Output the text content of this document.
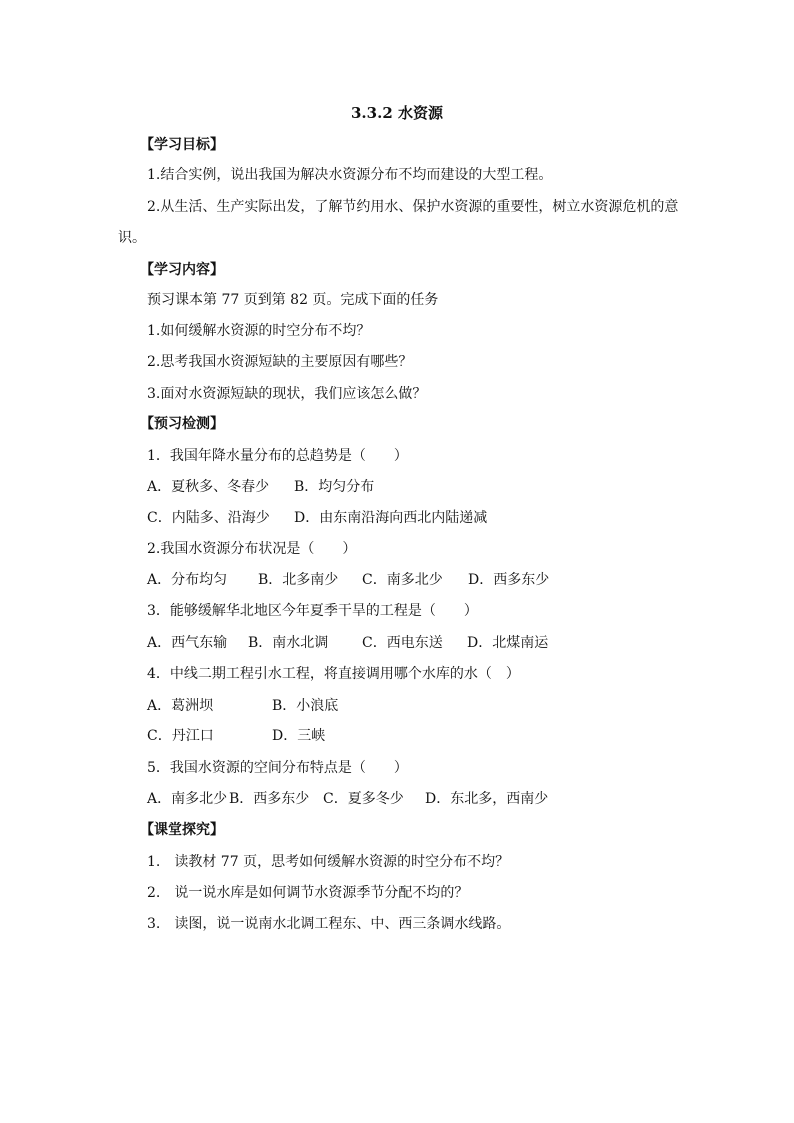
3.3.2 水资源
【学习目标】
1.结合实例，说出我国为解决水资源分布不均而建设的大型工程。
2.从生活、生产实际出发，了解节约用水、保护水资源的重要性，树立水资源危机的意
识。
【学习内容】
预习课本第 77 页到第 82 页。完成下面的任务
1.如何缓解水资源的时空分布不均？
2.思考我国水资源短缺的主要原因有哪些？
3.面对水资源短缺的现状，我们应该怎么做？
【预习检测】
1．我国年降水量分布的总趋势是（　　）
A．夏秋多、冬春少 B．均匀分布
C．内陆多、沿海少 D．由东南沿海向西北内陆递减
2.我国水资源分布状况是（　　）
A．分布均匀 B．北多南少 C．南多北少 D．西多东少
3．能够缓解华北地区今年夏季干旱的工程是（　　）
A．西气东输 B．南水北调 C．西电东送 D．北煤南运
4．中线二期工程引水工程，将直接调用哪个水库的水（　）
A．葛洲坝	B．小浪底
C．丹江口	D．三峡
5．我国水资源的空间分布特点是（　　）
A．南多北少 B．西多东少 C．夏多冬少 D．东北多，西南少
【课堂探究】
1.　读教材 77 页，思考如何缓解水资源的时空分布不均？
2.　说一说水库是如何调节水资源季节分配不均的？
3.　读图，说一说南水北调工程东、中、西三条调水线路。
